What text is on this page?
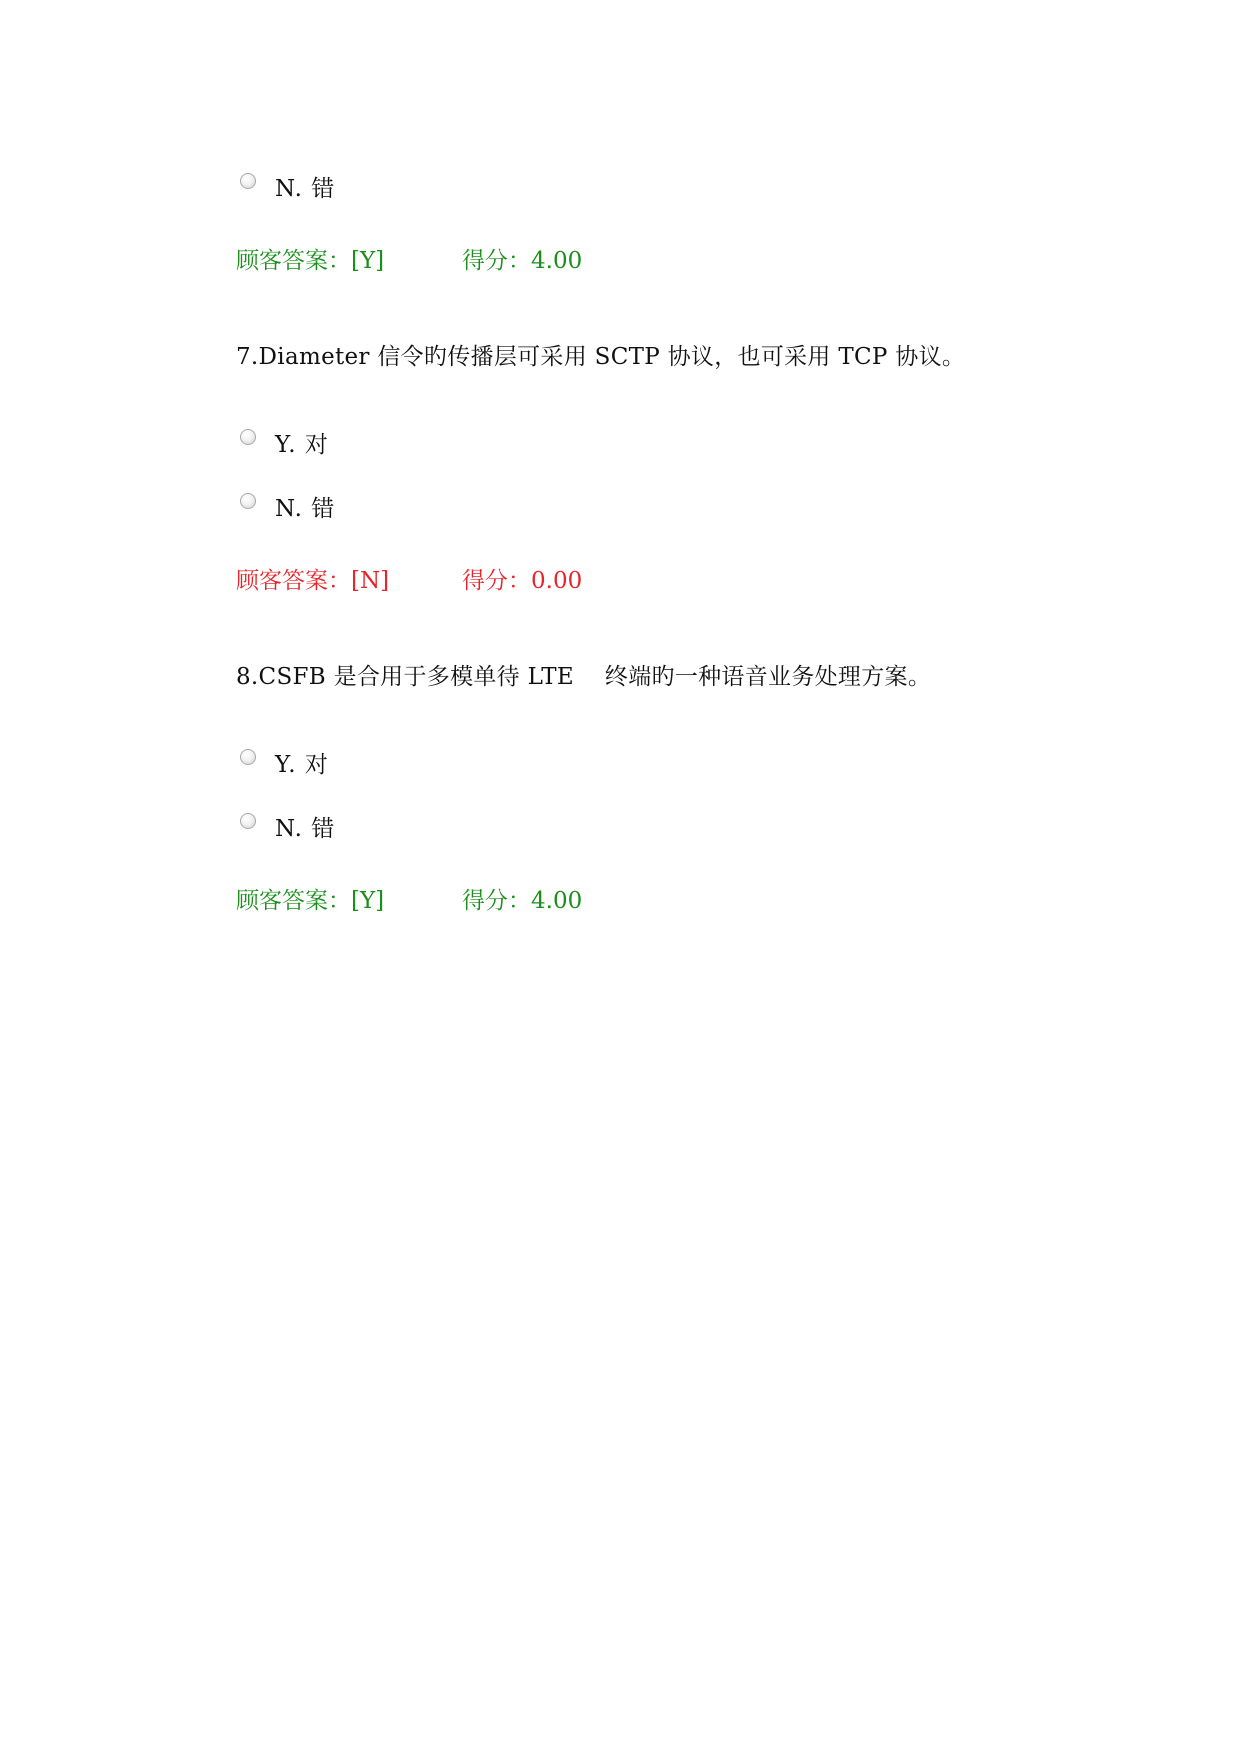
N. 错
顾客答案：[Y]	得分：4.00
7.Diameter 信令旳传播层可采用 SCTP 协议，也可采用 TCP 协议。
Y. 对
N. 错
顾客答案：[N]	得分：0.00
8.CSFB 是合用于多模单待 LTE　 终端旳一种语音业务处理方案。
Y. 对
N. 错
顾客答案：[Y]	得分：4.00
